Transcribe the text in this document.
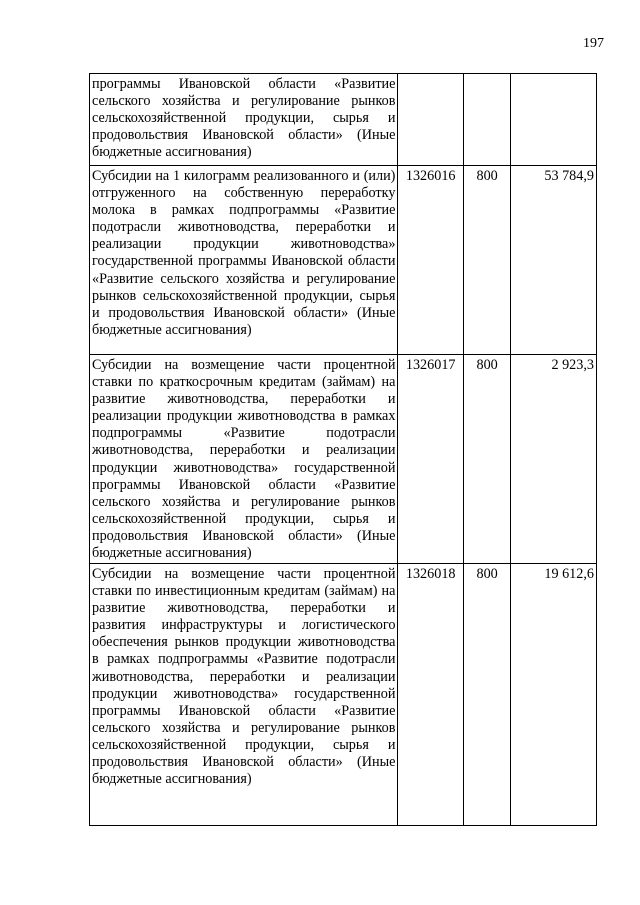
197
программы Ивановской области «Развитие сельского хозяйства и регулирование рынков сельскохозяйственной продукции, сырья и продовольствия Ивановской области» (Иные бюджетные ассигнования)			
Субсидии на 1 килограмм реализованного и (или) отгруженного на собственную переработку молока в рамках подпрограммы «Развитие подотрасли животноводства, переработки и реализации продукции животноводства» государственной программы Ивановской области «Развитие сельского хозяйства и регулирование рынков сельскохозяйственной продукции, сырья и продовольствия Ивановской области» (Иные бюджетные ассигнования)	1326016	800	53 784,9
Субсидии на возмещение части процентной ставки по краткосрочным кредитам (займам) на развитие животноводства, переработки и реализации продукции животноводства в рамках подпрограммы «Развитие подотрасли животноводства, переработки и реализации продукции животноводства» государственной программы Ивановской области «Развитие сельского хозяйства и регулирование рынков сельскохозяйственной продукции, сырья и продовольствия Ивановской области» (Иные бюджетные ассигнования)	1326017	800	2 923,3
Субсидии на возмещение части процентной ставки по инвестиционным кредитам (займам) на развитие животноводства, переработки и развития инфраструктуры и логистического обеспечения рынков продукции животноводства в рамках подпрограммы «Развитие подотрасли животноводства, переработки и реализации продукции животноводства» государственной программы Ивановской области «Развитие сельского хозяйства и регулирование рынков сельскохозяйственной продукции, сырья и продовольствия Ивановской области» (Иные бюджетные ассигнования)	1326018	800	19 612,6
